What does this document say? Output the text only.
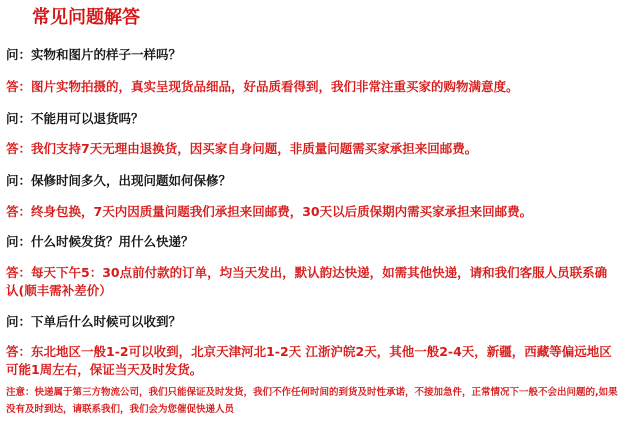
常见问题解答
问：实物和图片的样子一样吗？
答：图片实物拍摄的，真实呈现货品细品，好品质看得到，我们非常注重买家的购物满意度。
问：不能用可以退货吗？
答：我们支持7天无理由退换货，因买家自身问题，非质量问题需买家承担来回邮费。
问：保修时间多久，出现问题如何保修？
答：终身包换，7天内因质量问题我们承担来回邮费，30天以后质保期内需买家承担来回邮费。
问：什么时候发货？用什么快递？
答：每天下午5：30点前付款的订单，均当天发出，默认韵达快递，如需其他快递，请和我们客服人员联系确认(顺丰需补差价）
问：下单后什么时候可以收到？
答：东北地区一般1-2可以收到，北京天津河北1-2天 江浙沪皖2天，其他一般2-4天，新疆，西藏等偏远地区可能1周左右，保证当天及时发货。
注意：快递属于第三方物流公司，我们只能保证及时发货，我们不作任何时间的到货及时性承诺，不接加急件，正常情况下一般不会出问题的,如果没有及时到达，请联系我们，我们会为您催促快递人员
